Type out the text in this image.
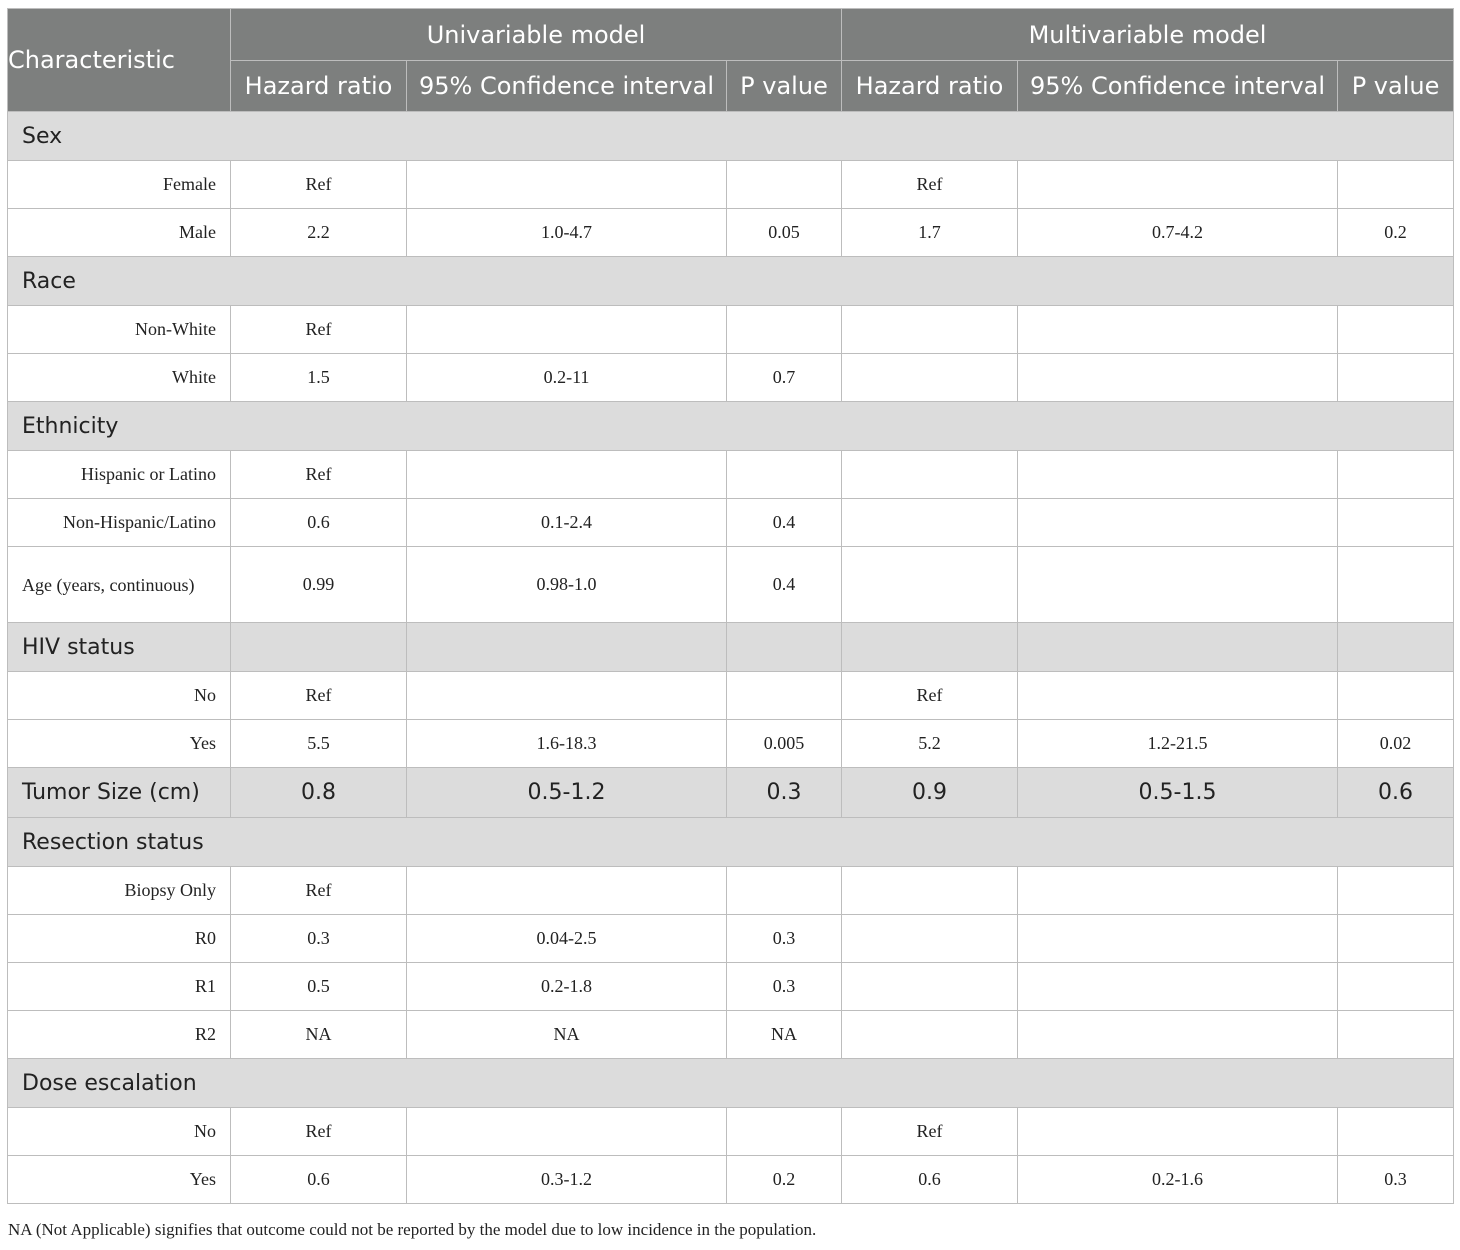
Characteristic	Univariable model			Multivariable model		
	Hazard ratio	95% Confidence interval	P value	Hazard ratio	95% Confidence interval	P value
Sex						
Female	Ref			Ref		
Male	2.2	1.0-4.7	0.05	1.7	0.7-4.2	0.2
Race						
Non-White	Ref					
White	1.5	0.2-11	0.7			
Ethnicity						
Hispanic or Latino	Ref					
Non-Hispanic/Latino	0.6	0.1-2.4	0.4			
Age (years, continuous)	0.99	0.98-1.0	0.4			
HIV status						
No	Ref			Ref		
Yes	5.5	1.6-18.3	0.005	5.2	1.2-21.5	0.02
Tumor Size (cm)	0.8	0.5-1.2	0.3	0.9	0.5-1.5	0.6
Resection status						
Biopsy Only	Ref					
R0	0.3	0.04-2.5	0.3			
R1	0.5	0.2-1.8	0.3			
R2	NA	NA	NA			
Dose escalation						
No	Ref			Ref		
Yes	0.6	0.3-1.2	0.2	0.6	0.2-1.6	0.3
NA (Not Applicable) signifies that outcome could not be reported by the model due to low incidence in the population.
